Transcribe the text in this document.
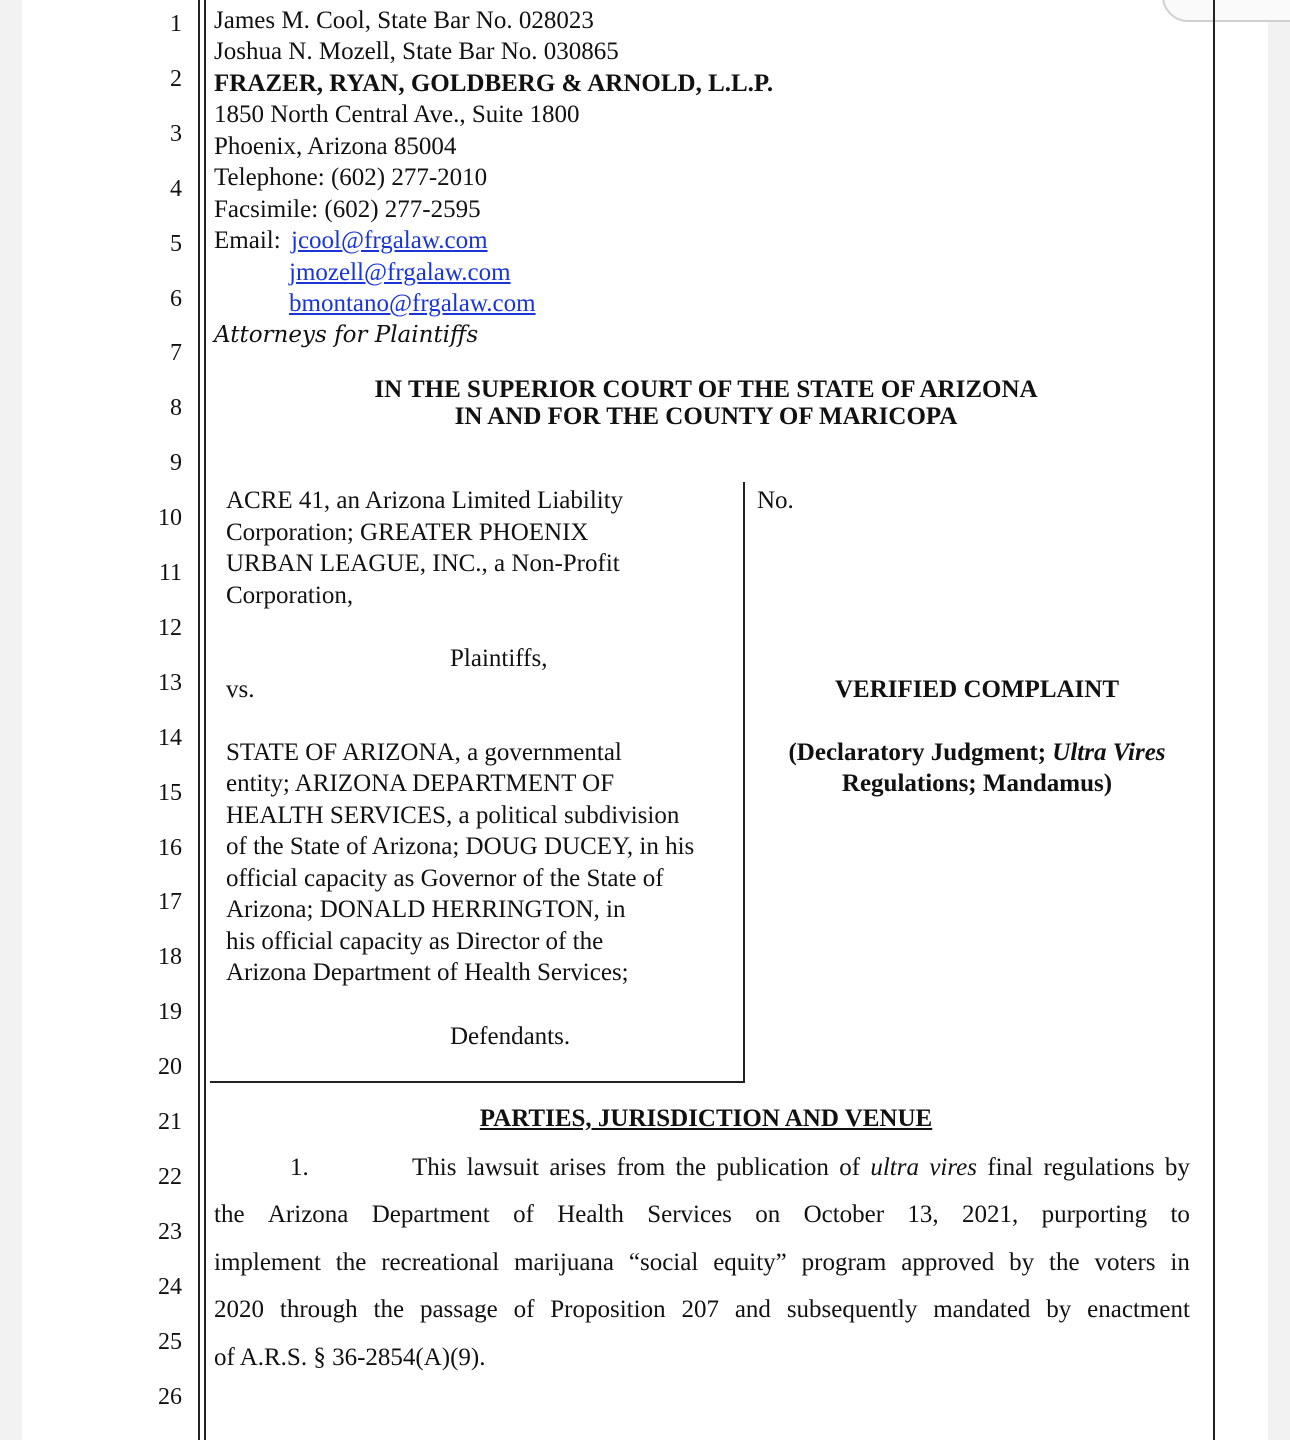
1
2
3
4
5
6
7
8
9
10
11
12
13
14
15
16
17
18
19
20
21
22
23
24
25
26
James M. Cool, State Bar No. 028023
Joshua N. Mozell, State Bar No. 030865
FRAZER, RYAN, GOLDBERG & ARNOLD, L.L.P.
1850 North Central Ave., Suite 1800
Phoenix, Arizona 85004
Telephone: (602) 277-2010
Facsimile: (602) 277-2595
Email: jcool@frgalaw.com
jmozell@frgalaw.com
bmontano@frgalaw.com
Attorneys for Plaintiffs
IN THE SUPERIOR COURT OF THE STATE OF ARIZONA
IN AND FOR THE COUNTY OF MARICOPA
ACRE 41, an Arizona Limited Liability
Corporation; GREATER PHOENIX
URBAN LEAGUE, INC., a Non-Profit
Corporation,
Plaintiffs,
vs.
STATE OF ARIZONA, a governmental
entity; ARIZONA DEPARTMENT OF
HEALTH SERVICES, a political subdivision
of the State of Arizona; DOUG DUCEY, in his
official capacity as Governor of the State of
Arizona; DONALD HERRINGTON, in
his official capacity as Director of the
Arizona Department of Health Services;
Defendants.
No.
VERIFIED COMPLAINT
(Declaratory Judgment; Ultra Vires
Regulations; Mandamus)
PARTIES, JURISDICTION AND VENUE
1.	This lawsuit arises from the publication of ultra vires final regulations by
the Arizona Department of Health Services on October 13, 2021, purporting to
implement the recreational marijuana “social equity” program approved by the voters in
2020 through the passage of Proposition 207 and subsequently mandated by enactment
of A.R.S. § 36-2854(A)(9).
